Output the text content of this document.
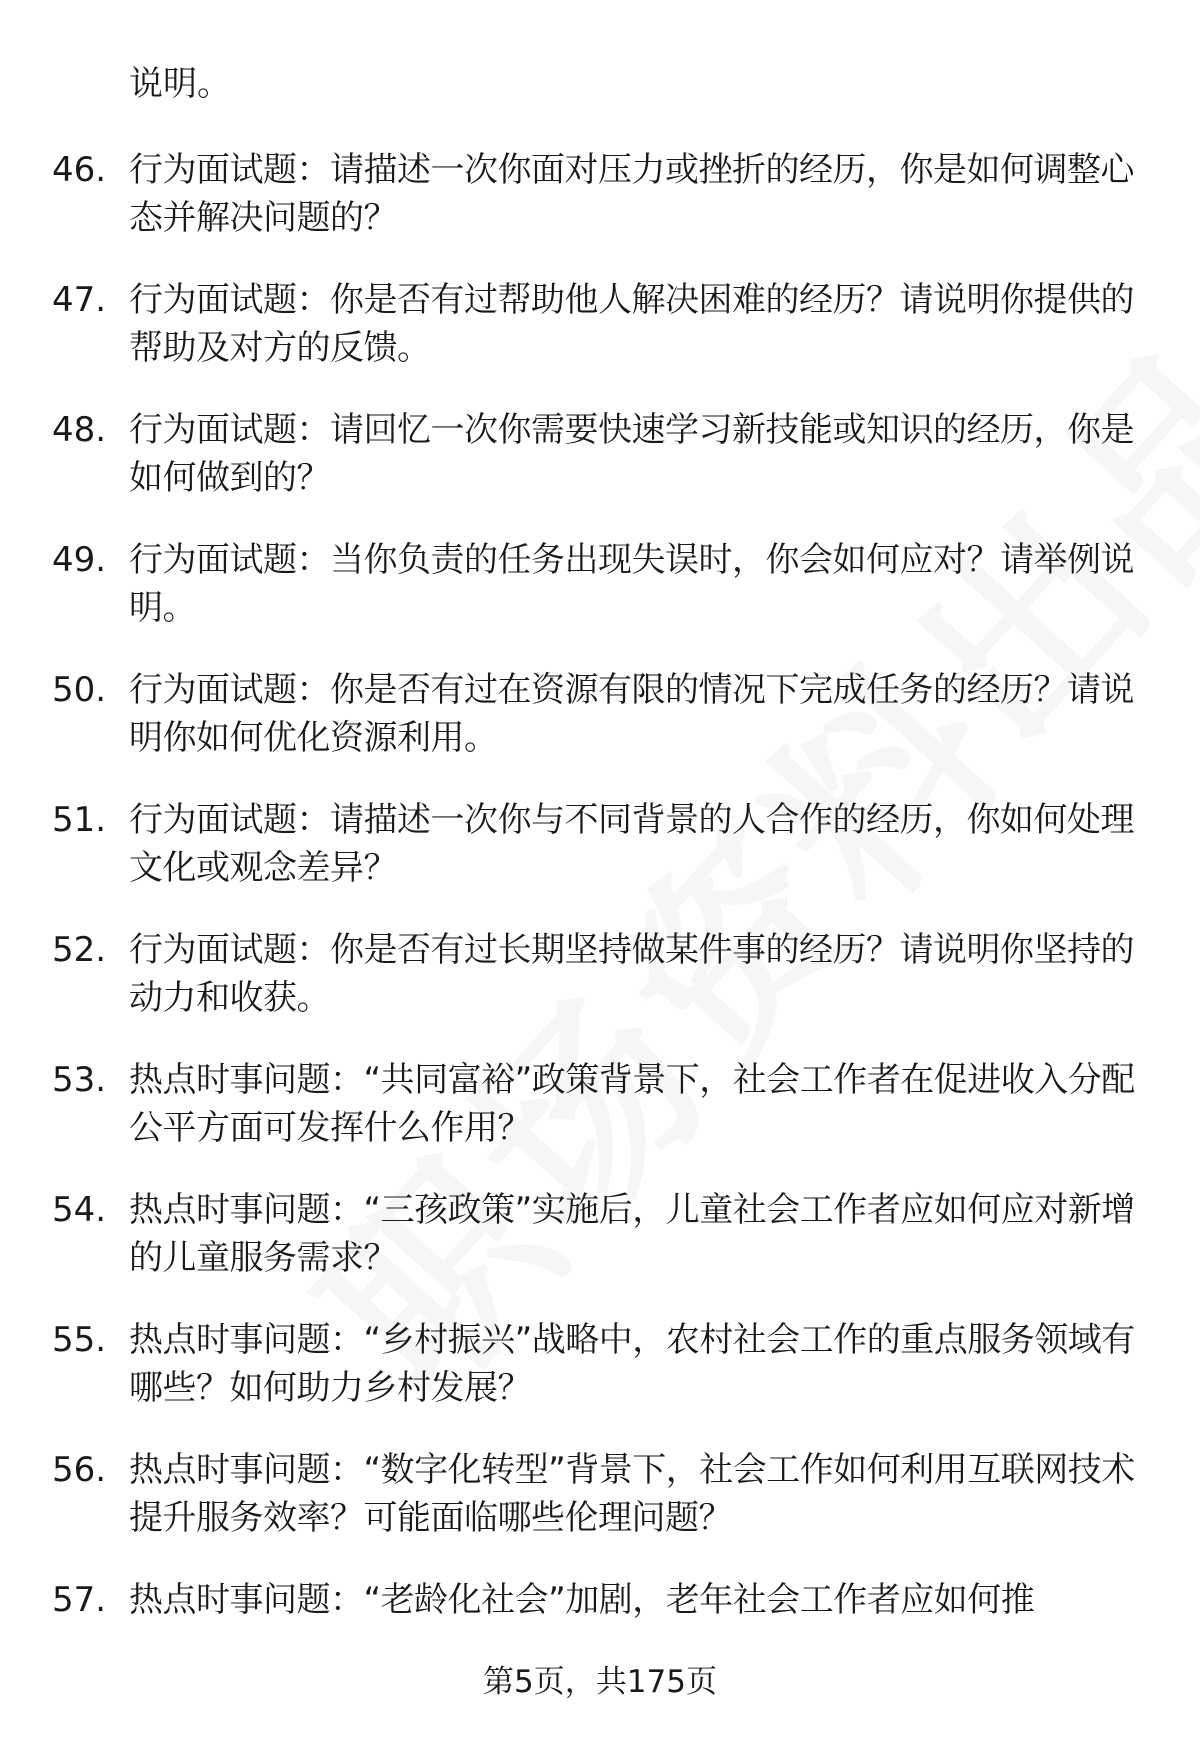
说明。
46. 行为面试题：请描述一次你面对压力或挫折的经历，你是如何调整心态并解决问题的？
47. 行为面试题：你是否有过帮助他人解决困难的经历？请说明你提供的帮助及对方的反馈。
48. 行为面试题：请回忆一次你需要快速学习新技能或知识的经历，你是如何做到的？
49. 行为面试题：当你负责的任务出现失误时，你会如何应对？请举例说明。
50. 行为面试题：你是否有过在资源有限的情况下完成任务的经历？请说明你如何优化资源利用。
51. 行为面试题：请描述一次你与不同背景的人合作的经历，你如何处理文化或观念差异？
52. 行为面试题：你是否有过长期坚持做某件事的经历？请说明你坚持的动力和收获。
53. 热点时事问题：“共同富裕”政策背景下，社会工作者在促进收入分配公平方面可发挥什么作用？
54. 热点时事问题：“三孩政策”实施后，儿童社会工作者应如何应对新增的儿童服务需求？
55. 热点时事问题：“乡村振兴”战略中，农村社会工作的重点服务领域有哪些？如何助力乡村发展？
56. 热点时事问题：“数字化转型”背景下，社会工作如何利用互联网技术提升服务效率？可能面临哪些伦理问题？
57. 热点时事问题：“老龄化社会”加剧，老年社会工作者应如何推
第5页，共175页
